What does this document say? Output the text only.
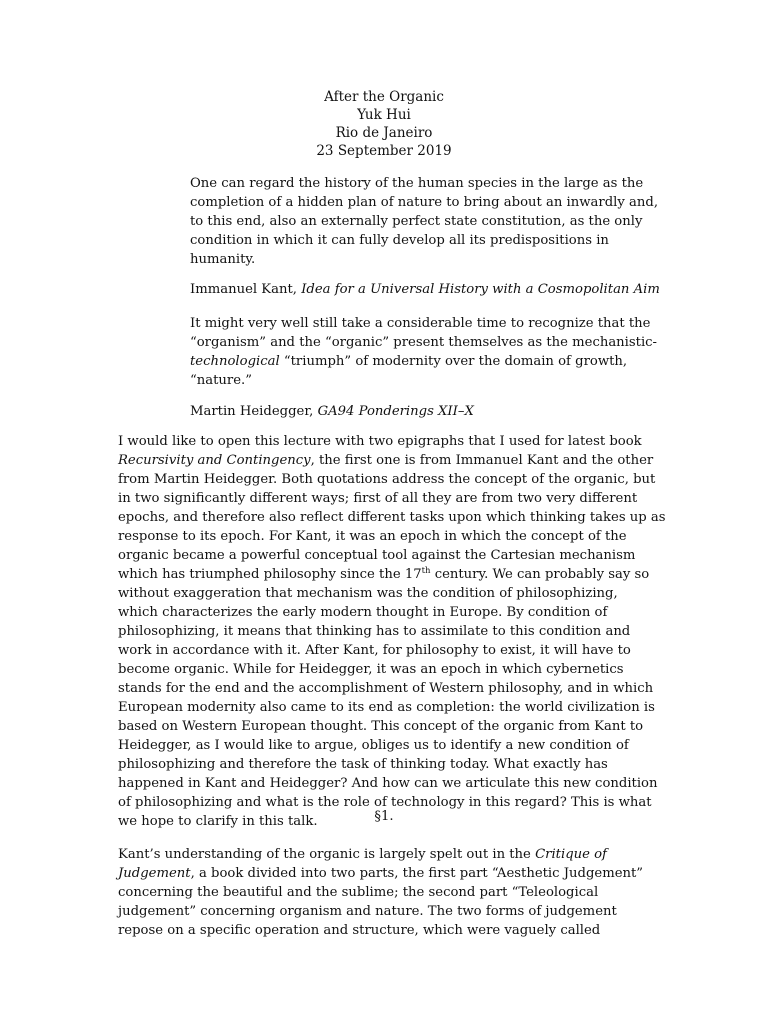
After the Organic
Yuk Hui
Rio de Janeiro
23 September 2019
One can regard the history of the human species in the large as the
completion of a hidden plan of nature to bring about an inwardly and,
to this end, also an externally perfect state constitution, as the only
condition in which it can fully develop all its predispositions in
humanity.
Immanuel Kant, Idea for a Universal History with a Cosmopolitan Aim
It might very well still take a considerable time to recognize that the
“organism” and the “organic” present themselves as the mechanistic-
technological “triumph” of modernity over the domain of growth,
“nature.”
Martin Heidegger, GA94 Ponderings XII–X
I would like to open this lecture with two epigraphs that I used for latest book
Recursivity and Contingency, the first one is from Immanuel Kant and the other
from Martin Heidegger. Both quotations address the concept of the organic, but
in two significantly different ways; first of all they are from two very different
epochs, and therefore also reflect different tasks upon which thinking takes up as
response to its epoch. For Kant, it was an epoch in which the concept of the
organic became a powerful conceptual tool against the Cartesian mechanism
which has triumphed philosophy since the 17th century. We can probably say so
without exaggeration that mechanism was the condition of philosophizing,
which characterizes the early modern thought in Europe. By condition of
philosophizing, it means that thinking has to assimilate to this condition and
work in accordance with it. After Kant, for philosophy to exist, it will have to
become organic. While for Heidegger, it was an epoch in which cybernetics
stands for the end and the accomplishment of Western philosophy, and in which
European modernity also came to its end as completion: the world civilization is
based on Western European thought. This concept of the organic from Kant to
Heidegger, as I would like to argue, obliges us to identify a new condition of
philosophizing and therefore the task of thinking today. What exactly has
happened in Kant and Heidegger? And how can we articulate this new condition
of philosophizing and what is the role of technology in this regard? This is what
we hope to clarify in this talk.	§1.
Kant’s understanding of the organic is largely spelt out in the Critique of
Judgement, a book divided into two parts, the first part “Aesthetic Judgement”
concerning the beautiful and the sublime; the second part “Teleological
judgement” concerning organism and nature. The two forms of judgement
repose on a specific operation and structure, which were vaguely called
